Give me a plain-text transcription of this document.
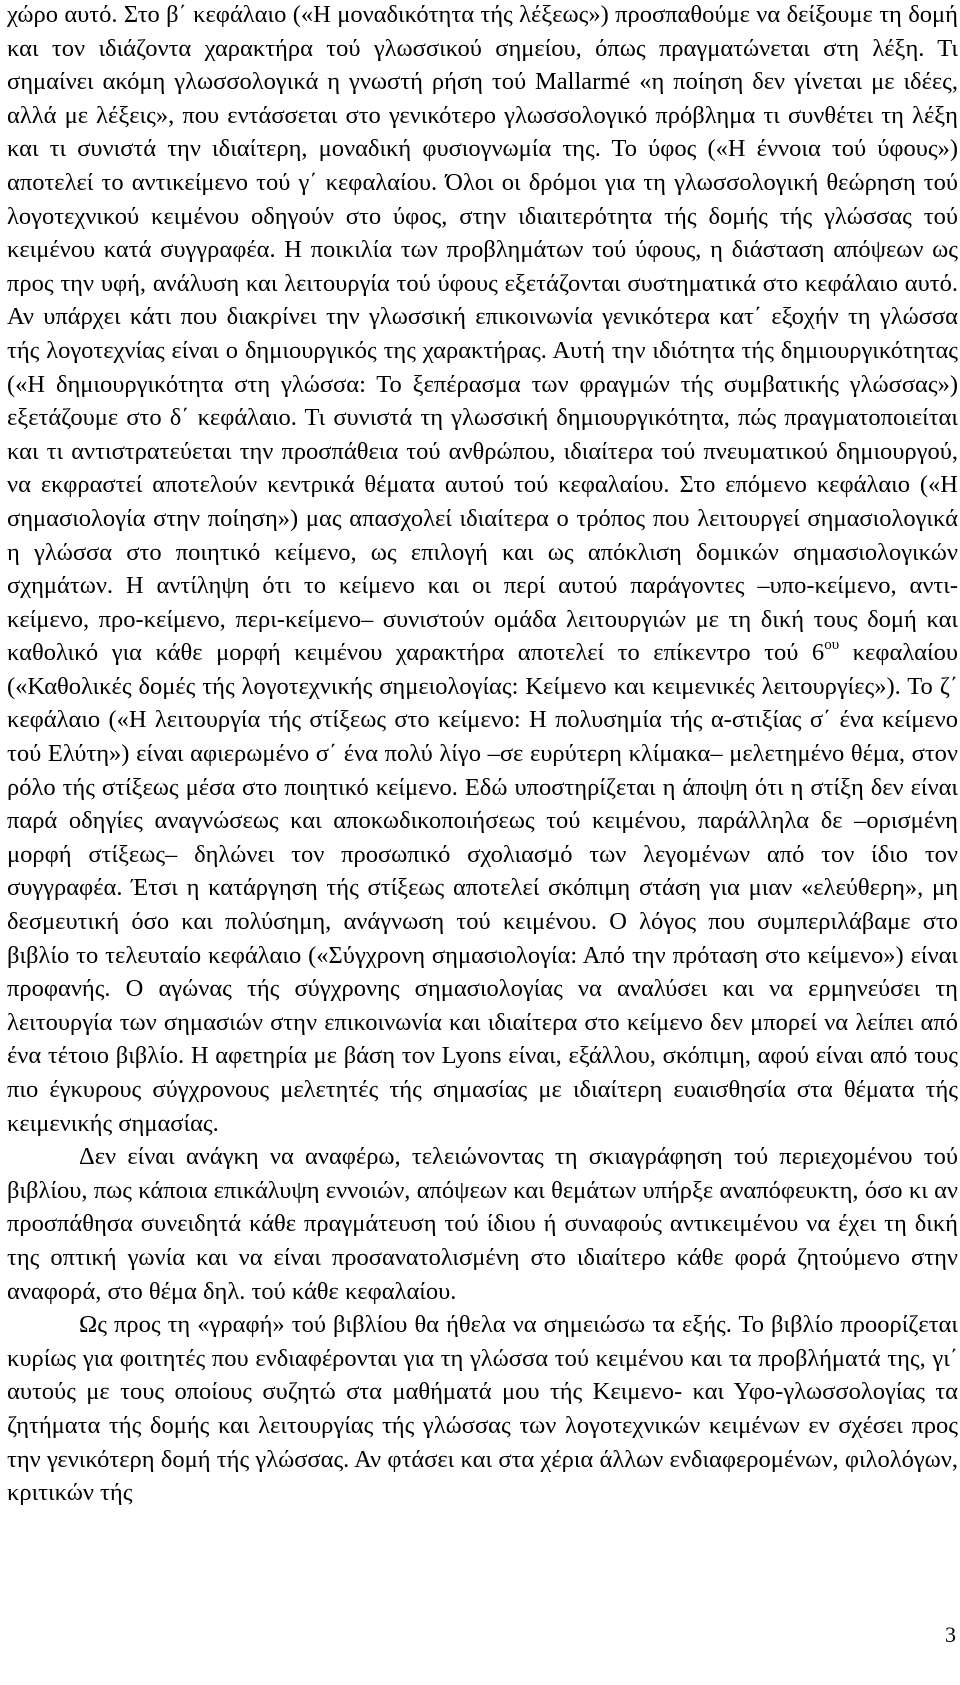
χώρο αυτό. Στο β΄ κεφάλαιο («Η μοναδικότητα τής λέξεως») προσπαθούμε να δείξουμε τη δομή και τον ιδιάζοντα χαρακτήρα τού γλωσσικού σημείου, όπως πραγματώνεται στη λέξη. Τι σημαίνει ακόμη γλωσσολογικά η γνωστή ρήση τού Mallarmé «η ποίηση δεν γίνεται με ιδέες, αλλά με λέξεις», που εντάσσεται στο γενικότερο γλωσσολογικό πρόβλημα τι συνθέτει τη λέξη και τι συνιστά την ιδιαίτερη, μοναδική φυσιογνωμία της. Το ύφος («Η έννοια τού ύφους») αποτελεί το αντικείμενο τού γ΄ κεφαλαίου. Όλοι οι δρόμοι για τη γλωσσολογική θεώρηση τού λογοτεχνικού κειμένου οδηγούν στο ύφος, στην ιδιαιτερότητα τής δομής τής γλώσσας τού κειμένου κατά συγγραφέα. Η ποικιλία των προβλημάτων τού ύφους, η διάσταση απόψεων ως προς την υφή, ανάλυση και λειτουργία τού ύφους εξετάζονται συστηματικά στο κεφάλαιο αυτό. Αν υπάρχει κάτι που διακρίνει την γλωσσική επικοινωνία γενικότερα κατ΄ εξοχήν τη γλώσσα τής λογοτεχνίας είναι ο δημιουργικός της χαρακτήρας. Αυτή την ιδιότητα τής δημιουργικότητας («Η δημιουργικότητα στη γλώσσα: Το ξεπέρασμα των φραγμών τής συμβατικής γλώσσας») εξετάζουμε στο δ΄ κεφάλαιο. Τι συνιστά τη γλωσσική δημιουργικότητα, πώς πραγματοποιείται και τι αντιστρατεύεται την προσπάθεια τού ανθρώπου, ιδιαίτερα τού πνευματικού δημιουργού, να εκφραστεί αποτελούν κεντρικά θέματα αυτού τού κεφαλαίου. Στο επόμενο κεφάλαιο («Η σημασιολογία στην ποίηση») μας απασχολεί ιδιαίτερα ο τρόπος που λειτουργεί σημασιολογικά η γλώσσα στο ποιητικό κείμενο, ως επιλογή και ως απόκλιση δομικών σημασιολογικών σχημάτων. Η αντίληψη ότι το κείμενο και οι περί αυτού παράγοντες –υπο-κείμενο, αντι-κείμενο, προ-κείμενο, περι-κείμενο– συνιστούν ομάδα λειτουργιών με τη δική τους δομή και καθολικό για κάθε μορφή κειμένου χαρακτήρα αποτελεί το επίκεντρο τού $6^{o\upsilon}$ κεφαλαίου («Καθολικές δομές τής λογοτεχνικής σημειολογίας: Κείμενο και κειμενικές λειτουργίες»). Το ζ΄ κεφάλαιο («Η λειτουργία τής στίξεως στο κείμενο: Η πολυσημία τής α-στιξίας σ΄ ένα κείμενο τού Ελύτη») είναι αφιερωμένο σ΄ ένα πολύ λίγο –σε ευρύτερη κλίμακα– μελετημένο θέμα, στον ρόλο τής στίξεως μέσα στο ποιητικό κείμενο. Εδώ υποστηρίζεται η άποψη ότι η στίξη δεν είναι παρά οδηγίες αναγνώσεως και αποκωδικοποιήσεως τού κειμένου, παράλληλα δε –ορισμένη μορφή στίξεως– δηλώνει τον προσωπικό σχολιασμό των λεγομένων από τον ίδιο τον συγγραφέα. Έτσι η κατάργηση τής στίξεως αποτελεί σκόπιμη στάση για μιαν «ελεύθερη», μη δεσμευτική όσο και πολύσημη, ανάγνωση τού κειμένου. Ο λόγος που συμπεριλάβαμε στο βιβλίο το τελευταίο κεφάλαιο («Σύγχρονη σημασιολογία: Από την πρόταση στο κείμενο») είναι προφανής. Ο αγώνας τής σύγχρονης σημασιολογίας να αναλύσει και να ερμηνεύσει τη λειτουργία των σημασιών στην επικοινωνία και ιδιαίτερα στο κείμενο δεν μπορεί να λείπει από ένα τέτοιο βιβλίο. Η αφετηρία με βάση τον Lyons είναι, εξάλλου, σκόπιμη, αφού είναι από τους πιο έγκυρους σύγχρονους μελετητές τής σημασίας με ιδιαίτερη ευαισθησία στα θέματα τής κειμενικής σημασίας.

Δεν είναι ανάγκη να αναφέρω, τελειώνοντας τη σκιαγράφηση τού περιεχομένου τού βιβλίου, πως κάποια επικάλυψη εννοιών, απόψεων και θεμάτων υπήρξε αναπόφευκτη, όσο κι αν προσπάθησα συνειδητά κάθε πραγμάτευση τού ίδιου ή συναφούς αντικειμένου να έχει τη δική της οπτική γωνία και να είναι προσανατολισμένη στο ιδιαίτερο κάθε φορά ζητούμενο στην αναφορά, στο θέμα δηλ. τού κάθε κεφαλαίου.

Ως προς τη «γραφή» τού βιβλίου θα ήθελα να σημειώσω τα εξής. Το βιβλίο προορίζεται κυρίως για φοιτητές που ενδιαφέρονται για τη γλώσσα τού κειμένου και τα προβλήματά της, γι΄ αυτούς με τους οποίους συζητώ στα μαθήματά μου τής Κειμενο- και Υφο-γλωσσολογίας τα ζητήματα τής δομής και λειτουργίας τής γλώσσας των λογοτεχνικών κειμένων εν σχέσει προς την γενικότερη δομή τής γλώσσας. Αν φτάσει και στα χέρια άλλων ενδιαφερομένων, φιλολόγων, κριτικών τής

3
